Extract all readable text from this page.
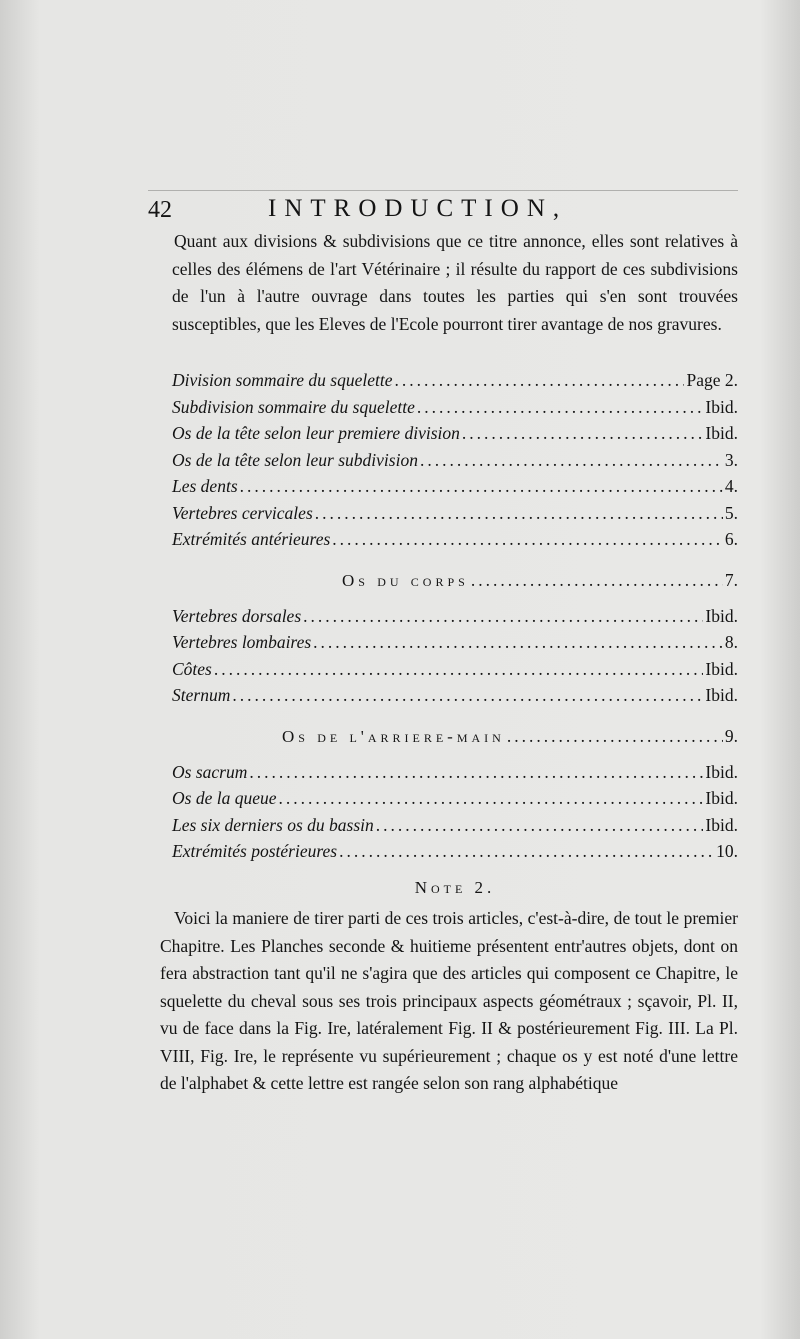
42	INTRODUCTION,

Quant aux divisions & subdivisions que ce titre annonce, elles sont relatives à celles des élémens de l'art Vétérinaire ; il résulte du rapport de ces subdivisions de l'un à l'autre ouvrage dans toutes les parties qui s'en sont trouvées susceptibles, que les Eleves de l'Ecole pourront tirer avantage de nos gravures.

Division sommaire du squelette .....	Page 2.
Subdivision sommaire du squelette .....	Ibid.
Os de la tête selon leur premiere division .....	Ibid.
Os de la tête selon leur subdivision .....	3.
Les dents .....	4.
Vertebres cervicales .....	5.
Extrémités antérieures .....	6.
Os du corps .....	7.
Vertebres dorsales .....	Ibid.
Vertebres lombaires .....	8.
Côtes .....	Ibid.
Sternum .....	Ibid.
Os de l'arriere-main .....	9.
Os sacrum .....	Ibid.
Os de la queue .....	Ibid.
Les six derniers os du bassin .....	Ibid.
Extrémités postérieures .....	10.
Note 2.

Voici la maniere de tirer parti de ces trois articles, c'est-à-dire, de tout le premier Chapitre. Les Planches seconde & huitieme présentent entr'autres objets, dont on fera abstraction tant qu'il ne s'agira que des articles qui composent ce Chapitre, le squelette du cheval sous ses trois principaux aspects géométraux ; sçavoir, Pl. II, vu de face dans la Fig. Ire, latéralement Fig. II & postérieurement Fig. III. La Pl. VIII, Fig. Ire, le représente vu supérieurement ; chaque os y est noté d'une lettre de l'alphabet & cette lettre est rangée selon son rang alphabétique
